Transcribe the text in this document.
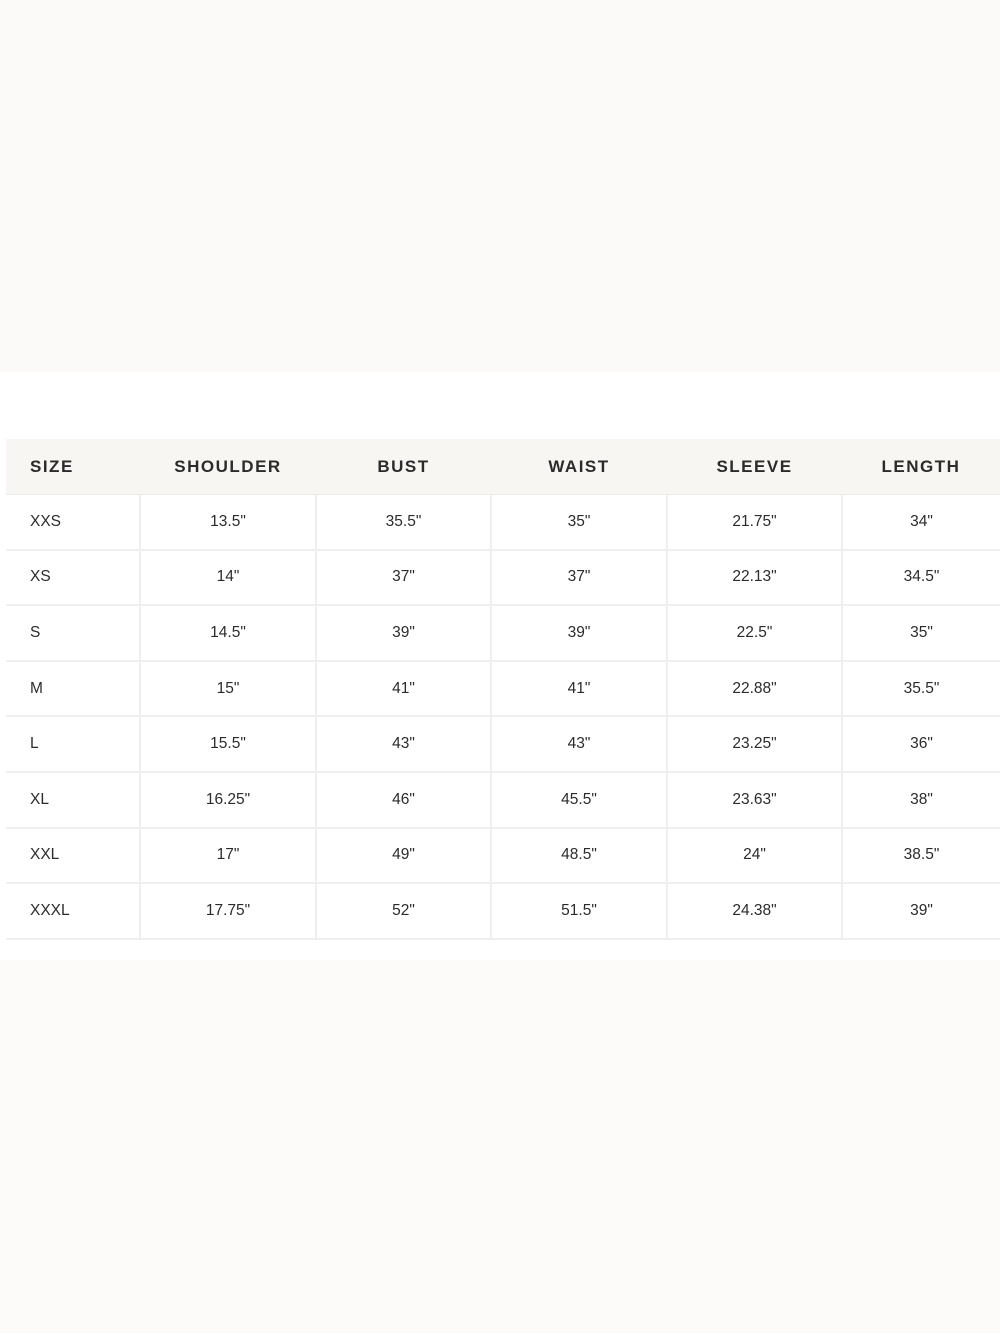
SIZE	SHOULDER	BUST	WAIST	SLEEVE	LENGTH
XXS	13.5"	35.5"	35"	21.75"	34"
XS	14"	37"	37"	22.13"	34.5"
S	14.5"	39"	39"	22.5"	35"
M	15"	41"	41"	22.88"	35.5"
L	15.5"	43"	43"	23.25"	36"
XL	16.25"	46"	45.5"	23.63"	38"
XXL	17"	49"	48.5"	24"	38.5"
XXXL	17.75"	52"	51.5"	24.38"	39"
